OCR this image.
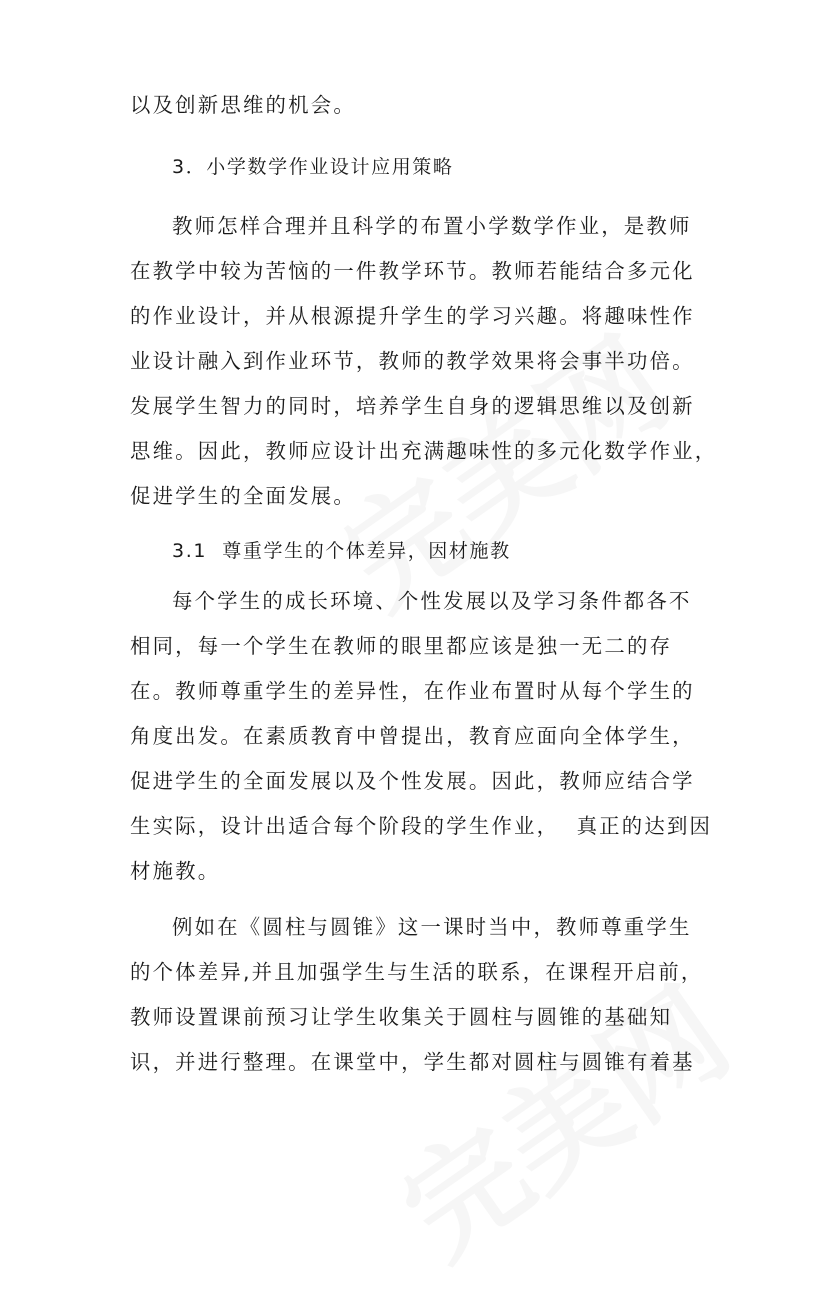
以及创新思维的机会。
3．小学数学作业设计应用策略
教师怎样合理并且科学的布置小学数学作业，是教师
在教学中较为苦恼的一件教学环节。教师若能结合多元化
的作业设计，并从根源提升学生的学习兴趣。将趣味性作
业设计融入到作业环节，教师的教学效果将会事半功倍。
发展学生智力的同时，培养学生自身的逻辑思维以及创新
思维。因此，教师应设计出充满趣味性的多元化数学作业，
促进学生的全面发展。
3.1  尊重学生的个体差异，因材施教
每个学生的成长环境、个性发展以及学习条件都各不
相同，每一个学生在教师的眼里都应该是独一无二的存
在。教师尊重学生的差异性，在作业布置时从每个学生的
角度出发。在素质教育中曾提出，教育应面向全体学生，
促进学生的全面发展以及个性发展。因此，教师应结合学
生实际，设计出适合每个阶段的学生作业，  真正的达到因
材施教。
例如在《圆柱与圆锥》这一课时当中，教师尊重学生
的个体差异,并且加强学生与生活的联系，在课程开启前，
教师设置课前预习让学生收集关于圆柱与圆锥的基础知
识，并进行整理。在课堂中，学生都对圆柱与圆锥有着基
